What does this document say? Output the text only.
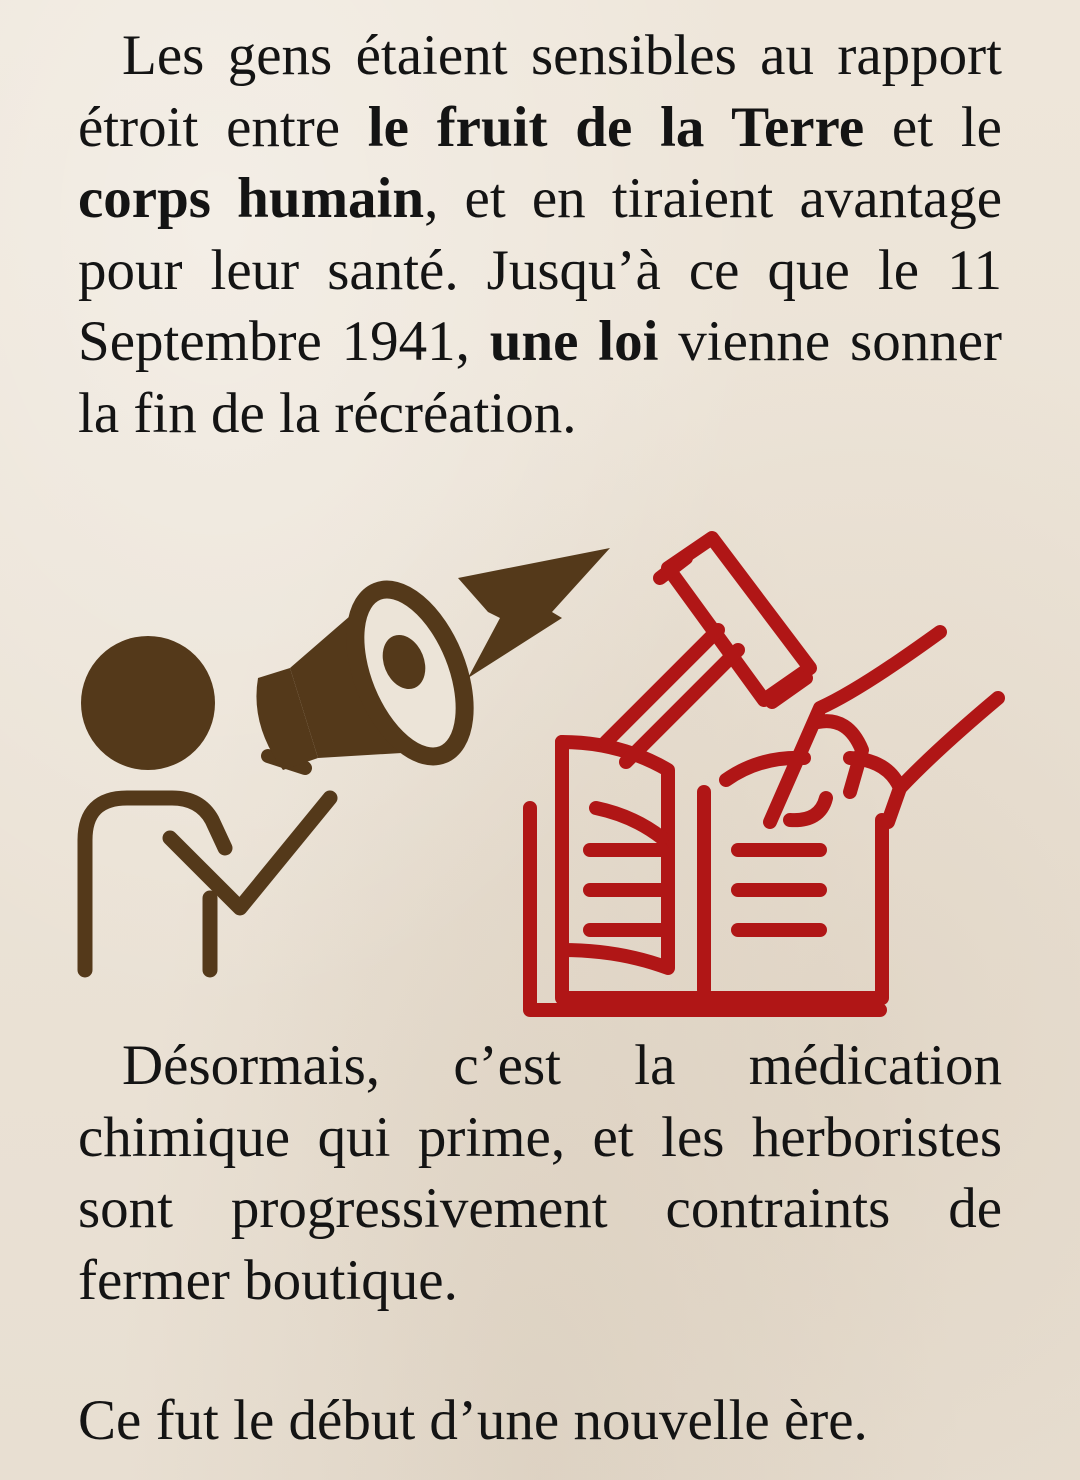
Les gens étaient sensibles au rapport étroit entre le fruit de la Terre et le corps humain, et en tiraient avantage pour leur santé. Jusqu’à ce que le 11 Septembre 1941, une loi vienne sonner la fin de la récréation.

Désormais, c’est la médication chimique qui prime, et les herboristes sont progressivement contraints de fermer boutique.

Ce fut le début d’une nouvelle ère.
